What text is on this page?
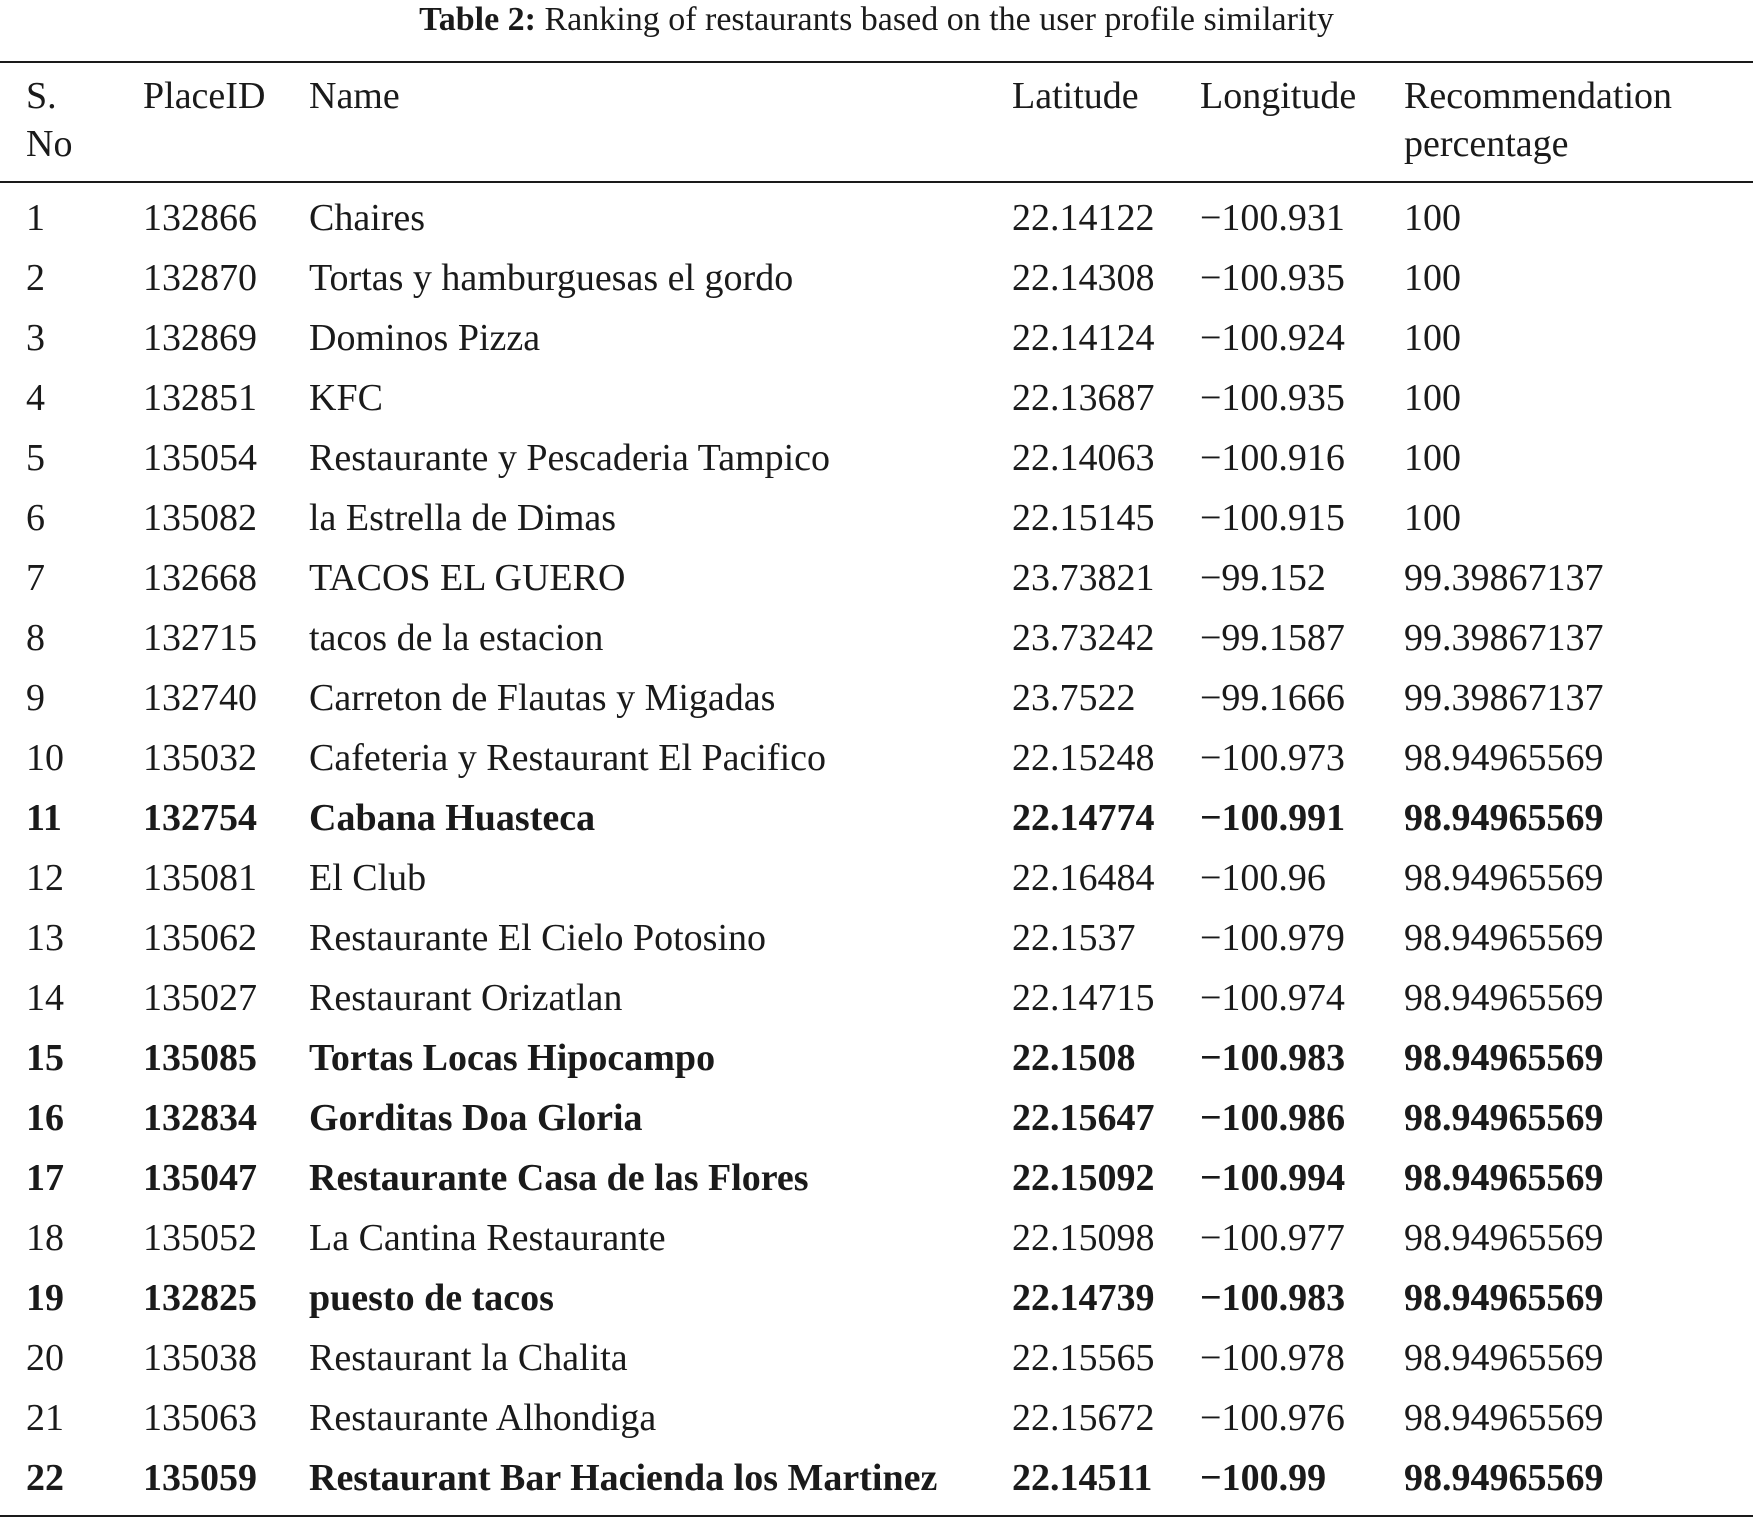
Table 2: Ranking of restaurants based on the user profile similarity
S.
No
PlaceID Name	Latitude Longitude Recommendation
percentage
1	132866 Chaires	22.14122 −100.931 100
2	132870 Tortas y hamburguesas el gordo	22.14308 −100.935 100
3	132869 Dominos Pizza	22.14124 −100.924 100
4	132851 KFC	22.13687 −100.935 100
5	135054 Restaurante y Pescaderia Tampico	22.14063 −100.916 100
6	135082 la Estrella de Dimas	22.15145 −100.915 100
7	132668 TACOS EL GUERO	23.73821 −99.152 99.39867137
8	132715 tacos de la estacion	23.73242 −99.1587 99.39867137
9	132740 Carreton de Flautas y Migadas	23.7522 −99.1666 99.39867137
10 135032 Cafeteria y Restaurant El Pacifico	22.15248 −100.973 98.94965569
11 132754 Cabana Huasteca	22.14774 −100.991 98.94965569
12 135081 El Club	22.16484 −100.96 98.94965569
13 135062 Restaurante El Cielo Potosino	22.1537 −100.979 98.94965569
14 135027 Restaurant Orizatlan	22.14715 −100.974 98.94965569
15 135085 Tortas Locas Hipocampo	22.1508 −100.983 98.94965569
16 132834 Gorditas Doa Gloria	22.15647 −100.986 98.94965569
17 135047 Restaurante Casa de las Flores	22.15092 −100.994 98.94965569
18 135052 La Cantina Restaurante	22.15098 −100.977 98.94965569
19 132825 puesto de tacos	22.14739 −100.983 98.94965569
20 135038 Restaurant la Chalita	22.15565 −100.978 98.94965569
21 135063 Restaurante Alhondiga	22.15672 −100.976 98.94965569
22 135059 Restaurant Bar Hacienda los Martinez 22.14511 −100.99 98.94965569
